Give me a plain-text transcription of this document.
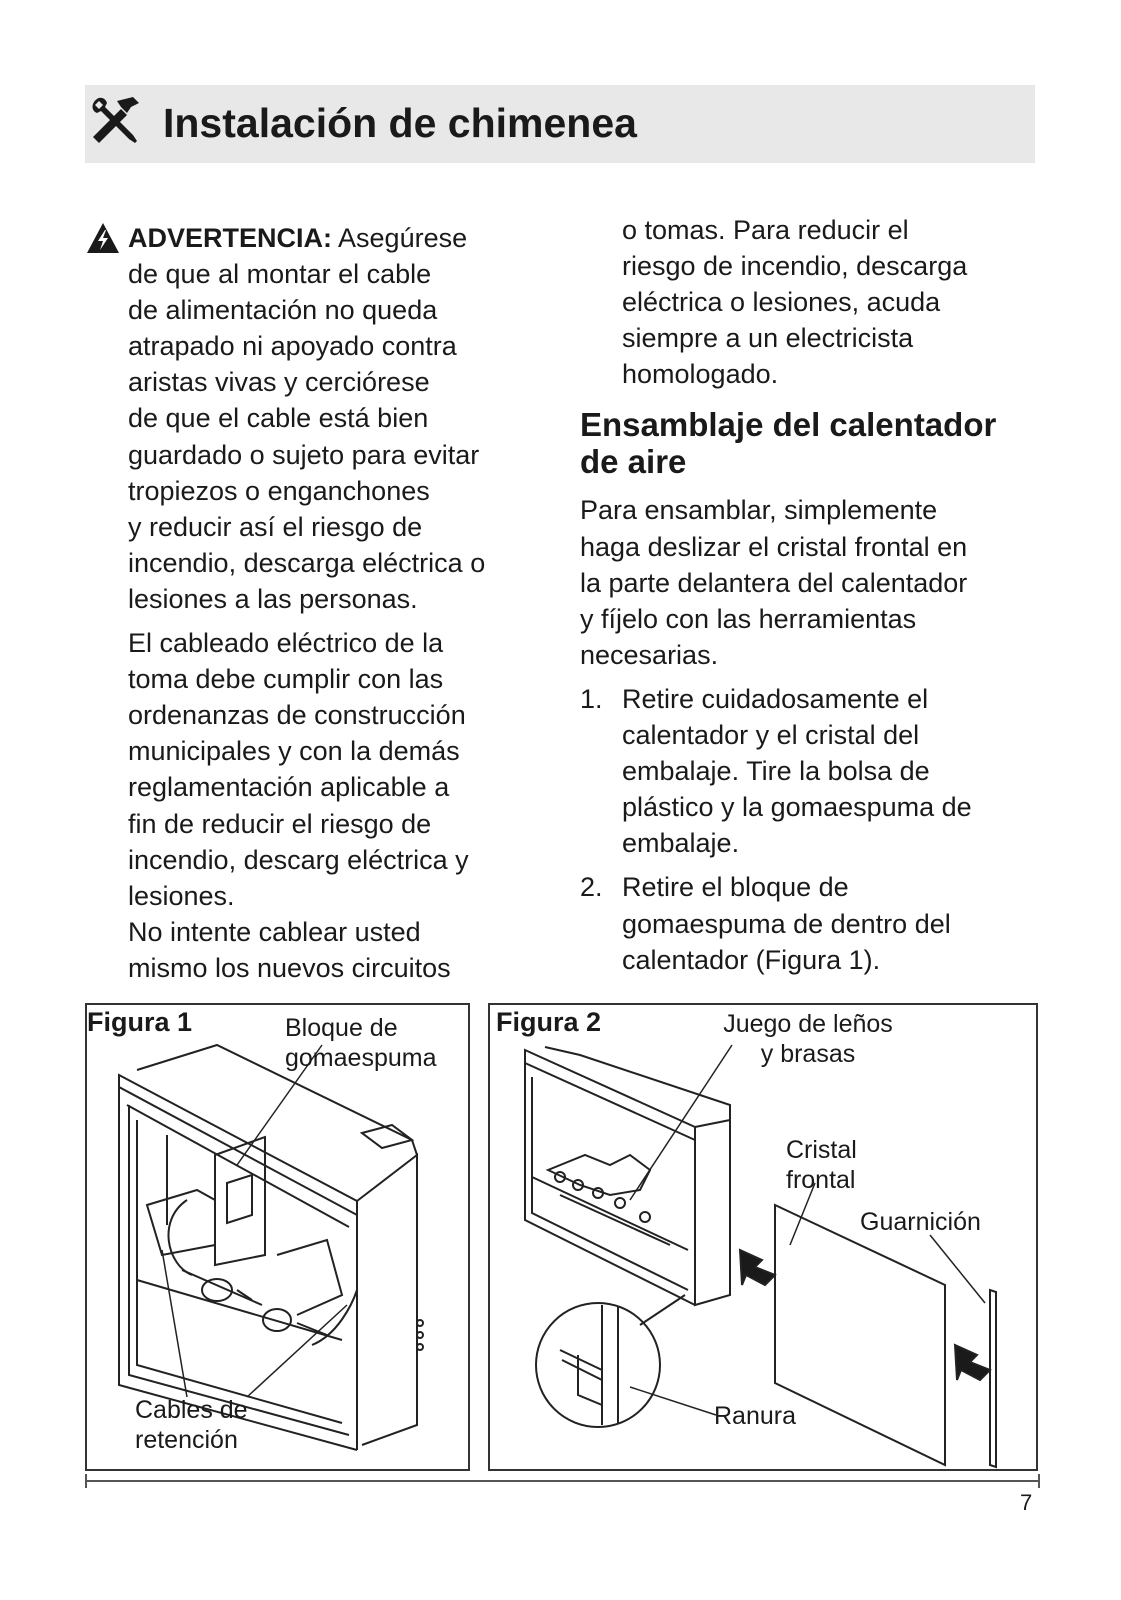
Instalación de chimenea

ADVERTENCIA: Asegúrese

de que al montar el cable
de alimentación no queda
atrapado ni apoyado contra
aristas vivas y cerciórese
de que el cable está bien
guardado o sujeto para evitar
tropiezos o enganchones
y reducir así el riesgo de
incendio, descarga eléctrica o
lesiones a las personas.
El cableado eléctrico de la
toma debe cumplir con las
ordenanzas de construcción
municipales y con la demás
reglamentación aplicable a
fin de reducir el riesgo de
incendio, descarg eléctrica y
lesiones.
No intente cablear usted
mismo los nuevos circuitos
o tomas. Para reducir el
riesgo de incendio, descarga
eléctrica o lesiones, acuda
siempre a un electricista
homologado.
Ensamblaje del calentador
de aire
Para ensamblar, simplemente
haga deslizar el cristal frontal en
la parte delantera del calentador
y fíjelo con las herramientas
necesarias.
1. Retire cuidadosamente el
calentador y el cristal del
embalaje. Tire la bolsa de
plástico y la gomaespuma de
embalaje.
2. Retire el bloque de
gomaespuma de dentro del
calentador (Figura 1).
Figura 1	Bloque de
gomaespuma
Cables de
retención
Figura 2	Juego de leños
y brasas
Cristal
frontal
Guarnición
Ranura
7
